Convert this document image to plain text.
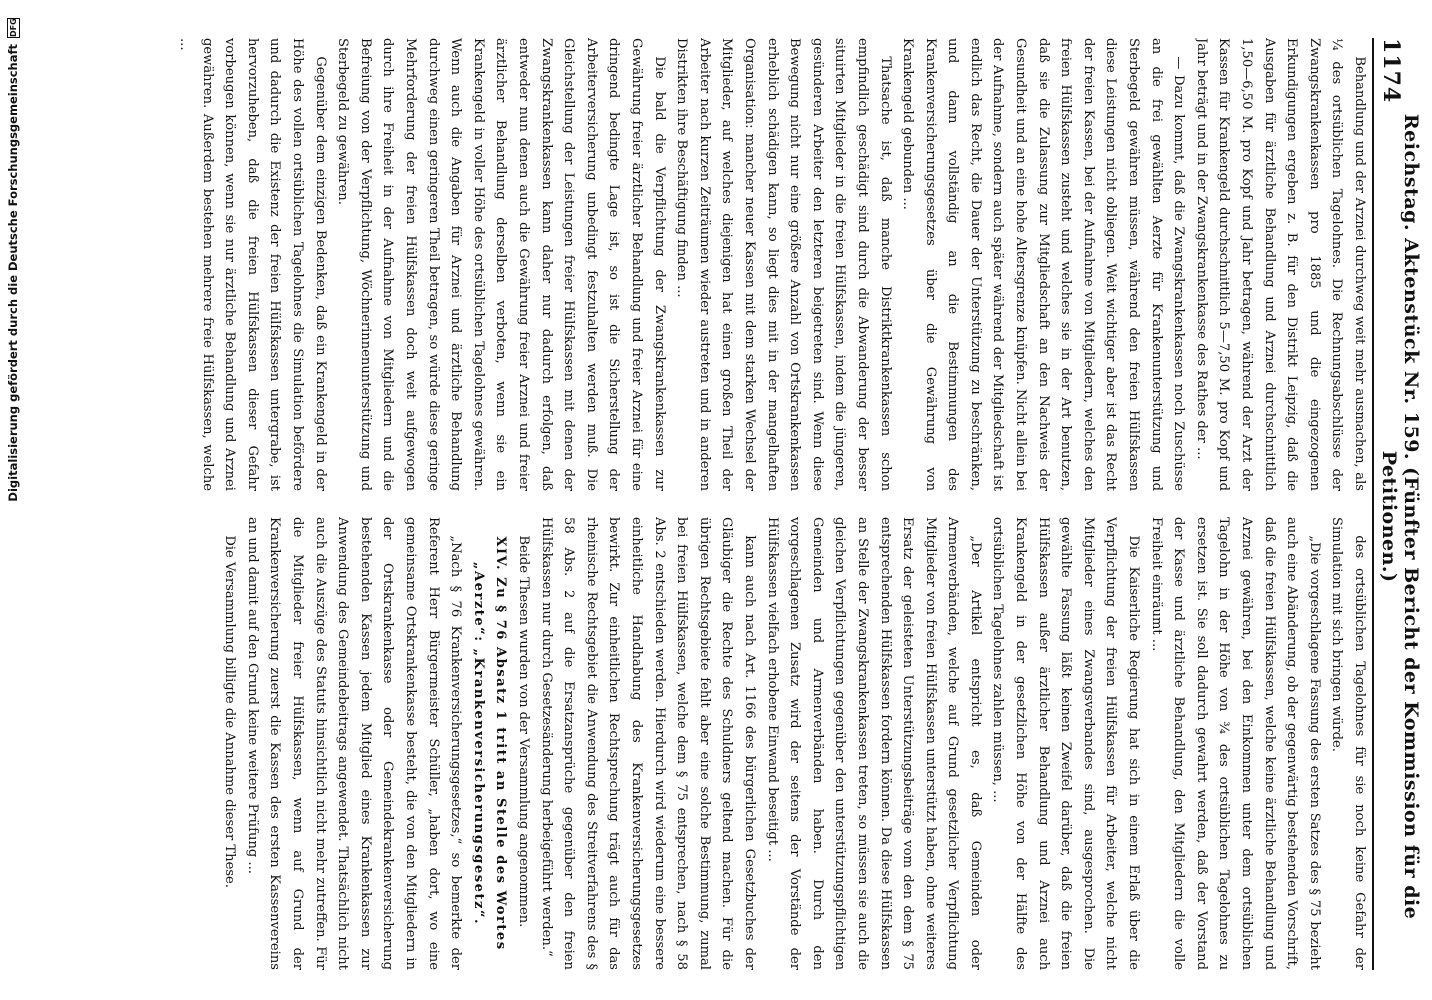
1174
Reichstag. Aktenstück Nr. 159. (Fünfter Bericht der Kommission für die Petitionen.)

Behandlung und der Arznei durchweg weit mehr ausmachen, als ¼ des ortsüblichen Tagelohnes. Die Rechnungsabschlüsse der Zwangskrankenkassen pro 1885 und die eingezogenen Erkundigungen ergeben z. B. für den Distrikt Leipzig, daß die Ausgaben für ärztliche Behandlung und Arznei durchschnittlich 1,50—6,50 M. pro Kopf und Jahr betragen, während der Arzt der Kassen für Krankengeld durchschnittlich 5—7,50 M. pro Kopf und Jahr beträgt und in der Zwangskrankenkasse des Rathes der ...

— Dazu kommt, daß die Zwangskrankenkassen noch Zuschüsse an die frei gewählten Aerzte für Krankenunterstützung und Sterbegeld gewähren müssen, während den freien Hülfskassen diese Leistungen nicht obliegen. Weit wichtiger aber ist das Recht der freien Kassen, bei der Aufnahme von Mitgliedern, welches den freien Hülfskassen zusteht und welches sie in der Art benutzen, daß sie die Zulassung zur Mitgliedschaft an den Nachweis der Gesundheit und an eine hohe Altersgrenze knüpfen. Nicht allein bei der Aufnahme, sondern auch später während der Mitgliedschaft ist endlich das Recht, die Dauer der Unterstützung zu beschränken, und dann vollständig an die Bestimmungen des Krankenversicherungsgesetzes über die Gewährung von Krankengeld gebunden ...

Thatsache ist, daß manche Distriktkrankenkassen schon empfindlich geschädigt sind durch die Abwanderung der besser situirten Mitglieder in die freien Hülfskassen, indem die jüngeren, gesünderen Arbeiter den letzteren beigetreten sind. Wenn diese Bewegung nicht nur eine größere Anzahl von Ortskrankenkassen erheblich schädigen kann, so liegt dies mit in der mangelhaften Organisation: mancher neuer Kassen mit dem starken Wechsel der Mitglieder, auf welches diejenigen hat einen großen Theil der Arbeiter nach kurzen Zeiträumen wieder austreten und in anderen Distrikten ihre Beschäftigung finden ...

Die bald die Verpflichtung der Zwangskrankenkassen zur Gewährung freier ärztlicher Behandlung und freier Arznei für eine dringend bedingte Lage ist, so ist die Sicherstellung der Arbeiterversicherung unbedingt festzuhalten werden muß. Die Gleichstellung der Leistungen freier Hülfskassen mit denen der Zwangskrankenkassen kann daher nur dadurch erfolgen, daß entweder nun denen auch die Gewährung freier Arznei und freier ärztlicher Behandlung derselben verboten, wenn sie ein Krankengeld in voller Höhe des ortsüblichen Tagelohnes gewähren. Wenn auch die Angaben für Arznei und ärztliche Behandlung durchweg einen geringeren Theil betragen, so würde diese geringe Mehrforderung der freien Hülfskassen doch weit aufgewogen durch ihre Freiheit in der Aufnahme von Mitgliedern und die Befreiung von der Verpflichtung, Wöchnerinnenunterstützung und Sterbegeld zu gewähren.

Gegenüber dem einzigen Bedenken, daß ein Krankengeld in der Höhe des vollen ortsüblichen Tagelohnes die Simulation befördere und dadurch die Existenz der freien Hülfskassen untergrabe, ist hervorzuheben, daß die freien Hülfskassen dieser Gefahr vorbeugen können, wenn sie nur ärztliche Behandlung und Arznei gewähren. Außerdem bestehen mehrere freie Hülfskassen, welche ...

des ortsüblichen Tagelohnes für sie noch keine Gefahr der Simulation mit sich bringen würde.

„Die vorgeschlagene Fassung des ersten Satzes des § 75 bezieht auch eine Abänderung, ob der gegenwärtig bestehenden Vorschrift, daß die freien Hülfskassen, welche keine ärztliche Behandlung und Arznei gewähren, bei den Einkommen unter dem ortsüblichen Tagelohn in der Höhe von ¾ des ortsüblichen Tagelohnes zu ersetzen ist. Sie soll dadurch gewahrt werden, daß der Vorstand der Kasse und ärztliche Behandlung, den Mitgliedern die volle Freiheit einräumt ...

Die Kaiserliche Regierung hat sich in einem Erlaß über die Verpflichtung der freien Hülfskassen für Arbeiter, welche nicht Mitglieder eines Zwangsverbandes sind, ausgesprochen. Die gewählte Fassung läßt keinen Zweifel darüber, daß die freien Hülfskassen außer ärztlicher Behandlung und Arznei auch Krankengeld in der gesetzlichen Höhe von der Hälfte des ortsüblichen Tagelohnes zahlen müssen, ...

„Der Artikel entspricht es, daß Gemeinden oder Armenverbänden, welche auf Grund gesetzlicher Verpflichtung Mitglieder von freien Hülfskassen unterstützt haben, ohne weiteres Ersatz der geleisteten Unterstützungsbeiträge vom den dem § 75 entsprechenden Hülfskassen fordern können. Da diese Hülfskassen an Stelle der Zwangskrankenkassen treten, so müssen sie auch die gleichen Verpflichtungen gegenüber den unterstützungspflichtigen Gemeinden und Armenverbänden haben. Durch den vorgeschlagenen Zusatz wird der seitens der Vorstände der Hülfskassen vielfach erhobene Einwand beseitigt ...

kann auch nach Art. 1166 des bürgerlichen Gesetzbuches der Gläubiger die Rechte des Schuldners geltend machen. Für die übrigen Rechtsgebiete fehlt aber eine solche Bestimmung, zumal bei freien Hülfskassen, welche dem § 75 entsprechen, nach § 58 Abs. 2 entschieden werden. Hierdurch wird wiederum eine bessere einheitliche Handhabung des Krankenversicherungsgesetzes bewirkt. Zur einheitlichen Rechtsprechung trägt auch für das rheinische Rechtsgebiet die Anwendung des Streitverfahrens des § 58 Abs. 2 auf die Ersatzansprüche gegenüber den freien Hülfskassen nur durch Gesetzesänderung herbeigeführt werden.“

Beide Thesen wurden von der Versammlung angenommen.

XIV. Zu § 76 Absatz 1 tritt an Stelle des Wortes „Aerzte“: „Krankenversicherungsgesetz“.

„Nach § 76 Krankenversicherungsgesetzes,“ so bemerkte der Referent Herr Bürgermeister Schüller, „haben dort, wo eine gemeinsame Ortskrankenkasse besteht, die von den Mitgliedern in der Ortskrankenkasse oder Gemeindekrankenversicherung bestehenden Kassen jedem Mitglied eines Krankenkassen zur Anwendung des Gemeindebeitrags angewendet. Thatsächlich nicht auch die Auszüge des Statuts hinsichtlich nicht mehr zutreffen. Für die Mitglieder freier Hülfskassen, wenn auf Grund der Krankenversicherung zuerst die Kassen des ersten Kassenvereins an und damit auf den Grund keine weitere Prüfung ...

Die Versammlung billigte die Annahme dieser These.

Digitalisierung gefördert durch die Deutsche Forschungsgemeinschaft
DFG
